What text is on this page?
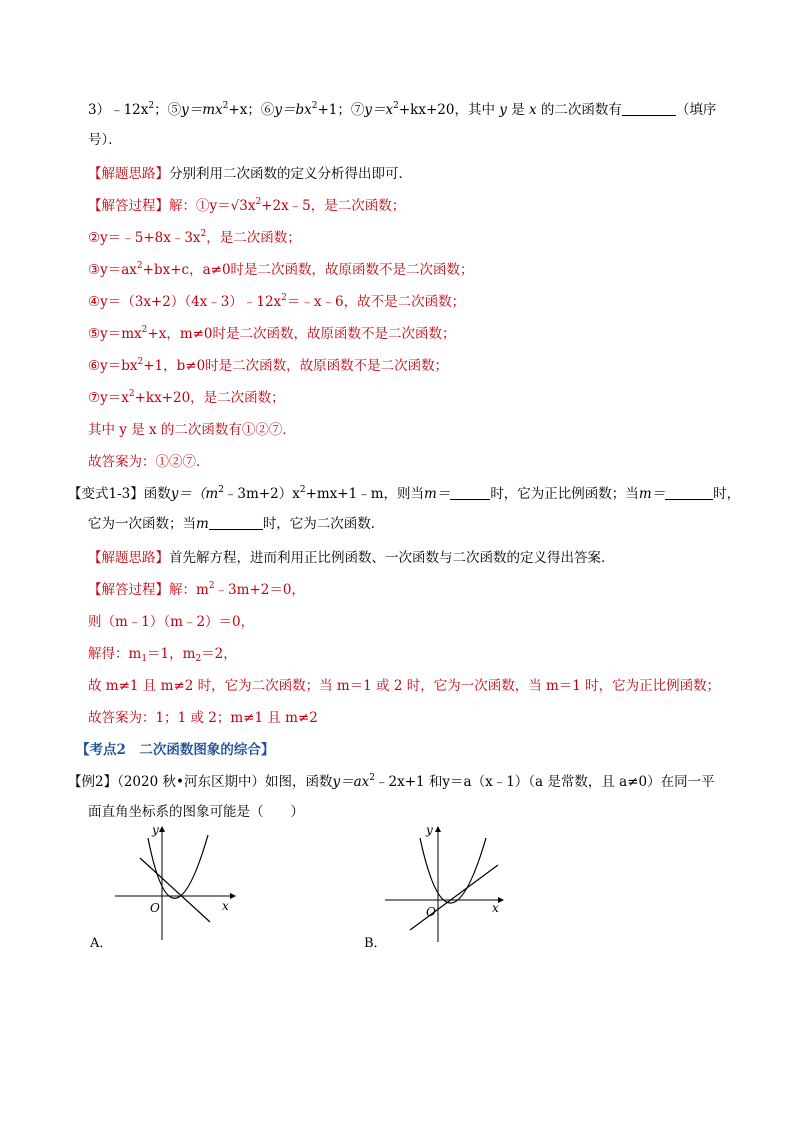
$3)﹣12x^2$；$⑤y=mx^2+x$；$⑥y=bx^2+1$；$⑦y=x^2+kx+20$，其中 y 是 x 的二次函数有	（填序
号）．
【解题思路】分别利用二次函数的定义分析得出即可．
【解答过程】解：$①y=√3x^2+2x﹣5$，是二次函数；
$②y=﹣5+8x﹣3x^2$，是二次函数；
$③y=ax^2+bx+c$，a≠0时是二次函数，故原函数不是二次函数；
$④y=(3x+2)(4x﹣3)﹣12x^2=﹣x﹣6$，故不是二次函数；
$⑤y=mx^2+x$，m≠0时是二次函数，故原函数不是二次函数；
$⑥y=bx^2+1$，b≠0时是二次函数，故原函数不是二次函数；
$⑦y=x^2+kx+20$，是二次函数；
其中 y 是 x 的二次函数有①②⑦．
故答案为：①②⑦．
【变式1-3】函数$y=(m^2﹣3m+2)x^2+mx+1﹣m$，则当m＝	时，它为正比例函数；当m＝	时，
它为一次函数；当m	时，它为二次函数．
【解题思路】首先解方程，进而利用正比例函数、一次函数与二次函数的定义得出答案．
【解答过程】解：$m^2﹣3m+2=0$，
则（m﹣1）（m﹣2）＝0，
解得：$m_1=1$，$m_2=2$，
故 m≠1 且 m≠2 时，它为二次函数；当 m＝1 或 2 时，它为一次函数，当 m＝1 时，它为正比例函数；
故答案为：1；1 或 2；m≠1 且 m≠2
【考点2　二次函数图象的综合】
【例2】（2020 秋•河东区期中）如图，函数$y=ax^2﹣2x+1$ 和y＝a（x﹣1）（a 是常数，且 a≠0）在同一平
面直角坐标系的图象可能是（　　）
O	x
y
A．
O	x
y
B．
